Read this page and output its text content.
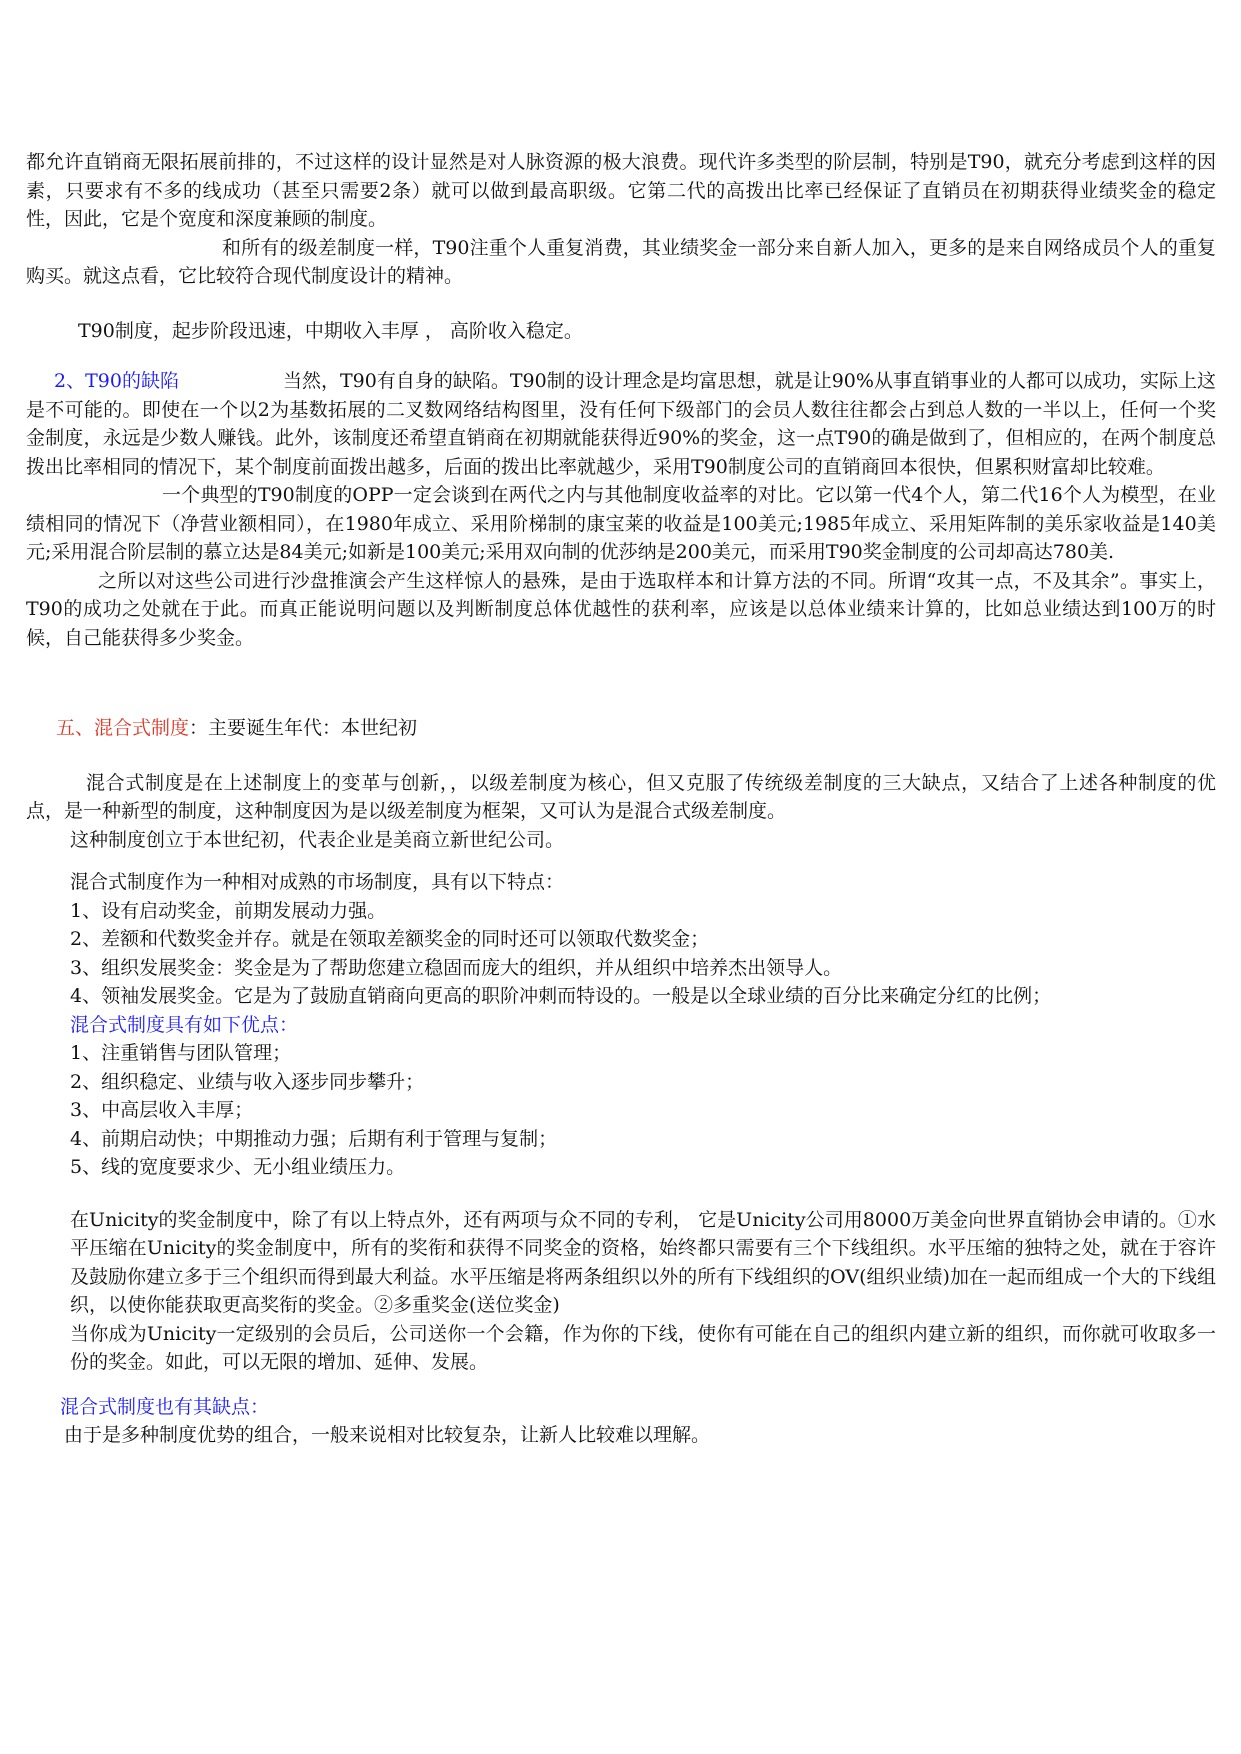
都允许直销商无限拓展前排的，不过这样的设计显然是对人脉资源的极大浪费。现代许多类型的阶层制，特别是T90，就充分考虑到这样的因素，只要求有不多的线成功（甚至只需要2条）就可以做到最高职级。它第二代的高拨出比率已经保证了直销员在初期获得业绩奖金的稳定性，因此，它是个宽度和深度兼顾的制度。

和所有的级差制度一样，T90注重个人重复消费，其业绩奖金一部分来自新人加入，更多的是来自网络成员个人的重复购买。就这点看，它比较符合现代制度设计的精神。

T90制度，起步阶段迅速，中期收入丰厚 ， 高阶收入稳定。

2、T90的缺陷	当然，T90有自身的缺陷。T90制的设计理念是均富思想，就是让90%从事直销事业的人都可以成功，实际上这是不可能的。即使在一个以2为基数拓展的二叉数网络结构图里，没有任何下级部门的会员人数往往都会占到总人数的一半以上，任何一个奖金制度，永远是少数人赚钱。此外，该制度还希望直销商在初期就能获得近90%的奖金，这一点T90的确是做到了，但相应的，在两个制度总拨出比率相同的情况下，某个制度前面拨出越多，后面的拨出比率就越少，采用T90制度公司的直销商回本很快，但累积财富却比较难。

一个典型的T90制度的OPP一定会谈到在两代之内与其他制度收益率的对比。它以第一代4个人，第二代16个人为模型，在业绩相同的情况下（净营业额相同），在1980年成立、采用阶梯制的康宝莱的收益是100美元;1985年成立、采用矩阵制的美乐家收益是140美元;采用混合阶层制的慕立达是84美元;如新是100美元;采用双向制的优莎纳是200美元，而采用T90奖金制度的公司却高达780美.

之所以对这些公司进行沙盘推演会产生这样惊人的悬殊，是由于选取样本和计算方法的不同。所谓“攻其一点，不及其余”。事实上，T90的成功之处就在于此。而真正能说明问题以及判断制度总体优越性的获利率，应该是以总体业绩来计算的，比如总业绩达到100万的时候，自己能获得多少奖金。

五、混合式制度：主要诞生年代：本世纪初

混合式制度是在上述制度上的变革与创新，，以级差制度为核心，但又克服了传统级差制度的三大缺点，又结合了上述各种制度的优点，是一种新型的制度，这种制度因为是以级差制度为框架，又可认为是混合式级差制度。

这种制度创立于本世纪初，代表企业是美商立新世纪公司。

混合式制度作为一种相对成熟的市场制度，具有以下特点：

1、设有启动奖金，前期发展动力强。

2、差额和代数奖金并存。就是在领取差额奖金的同时还可以领取代数奖金；

3、组织发展奖金：奖金是为了帮助您建立稳固而庞大的组织，并从组织中培养杰出领导人。

4、领袖发展奖金。它是为了鼓励直销商向更高的职阶冲刺而特设的。一般是以全球业绩的百分比来确定分红的比例；

混合式制度具有如下优点：

1、注重销售与团队管理；

2、组织稳定、业绩与收入逐步同步攀升；

3、中高层收入丰厚；

4、前期启动快；中期推动力强；后期有利于管理与复制；

5、线的宽度要求少、无小组业绩压力。

在Unicity的奖金制度中，除了有以上特点外，还有两项与众不同的专利， 它是Unicity公司用8000万美金向世界直销协会申请的。①水平压缩在Unicity的奖金制度中，所有的奖衔和获得不同奖金的资格，始终都只需要有三个下线组织。水平压缩的独特之处，就在于容许及鼓励你建立多于三个组织而得到最大利益。水平压缩是将两条组织以外的所有下线组织的OV(组织业绩)加在一起而组成一个大的下线组织，以使你能获取更高奖衔的奖金。②多重奖金(送位奖金)

当你成为Unicity一定级别的会员后，公司送你一个会籍，作为你的下线，使你有可能在自己的组织内建立新的组织，而你就可收取多一份的奖金。如此，可以无限的增加、延伸、发展。

混合式制度也有其缺点：

由于是多种制度优势的组合，一般来说相对比较复杂，让新人比较难以理解。
